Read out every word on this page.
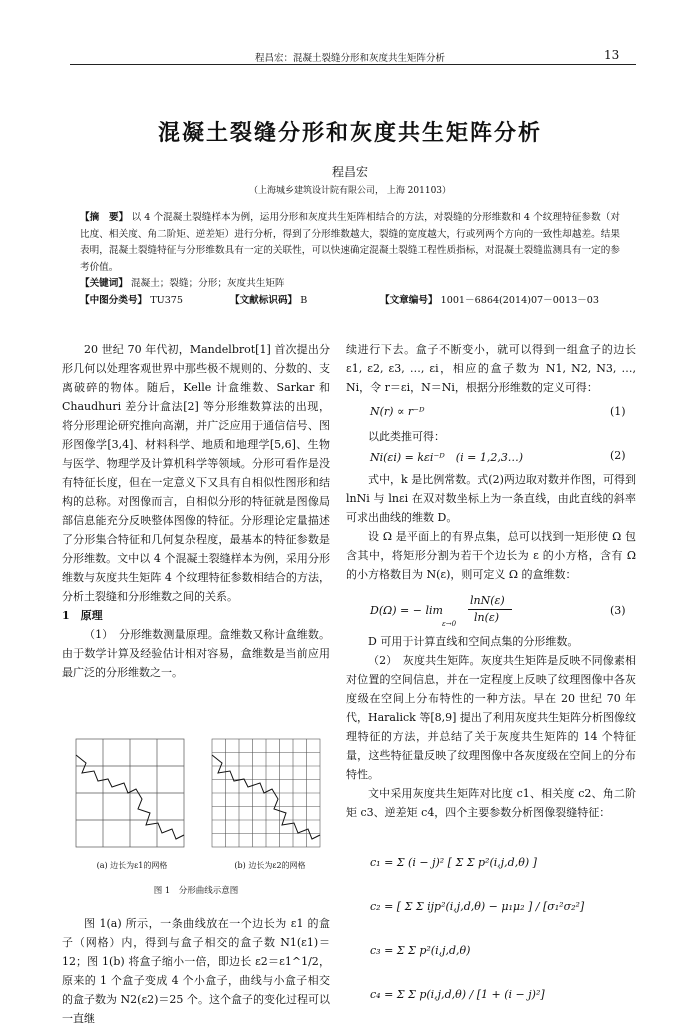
程昌宏：混凝土裂缝分形和灰度共生矩阵分析	13
混凝土裂缝分形和灰度共生矩阵分析
程昌宏
（上海城乡建筑设计院有限公司， 上海 201103）
【摘　要】 以 4 个混凝土裂缝样本为例，运用分形和灰度共生矩阵相结合的方法，对裂缝的分形维数和 4 个纹理特征参数（对比度、相关度、角二阶矩、逆差矩）进行分析，得到了分形维数越大，裂缝的宽度越大，行或列两个方向的一致性却越差。结果表明，混凝土裂缝特征与分形维数具有一定的关联性，可以快速确定混凝土裂缝工程性质指标，对混凝土裂缝监测具有一定的参考价值。
【关键词】 混凝土；裂缝；分形；灰度共生矩阵
【中图分类号】 TU375	【文献标识码】 B	【文章编号】 1001－6864(2014)07－0013－03

20 世纪 70 年代初，Mandelbrot[1] 首次提出分形几何以处理客观世界中那些极不规则的、分数的、支离破碎的物体。随后，Kelle 计盒维数、Sarkar 和 Chaudhuri 差分计盒法[2] 等分形维数算法的出现，将分形理论研究推向高潮，并广泛应用于通信信号、图形图像学[3,4]、材料科学、地质和地理学[5,6]、生物与医学、物理学及计算机科学等领域。分形可看作是没有特征长度，但在一定意义下又具有自相似性图形和结构的总称。对图像而言，自相似分形的特征就是图像局部信息能充分反映整体图像的特征。分形理论定量描述了分形集合特征和几何复杂程度，最基本的特征参数是分形维数。文中以 4 个混凝土裂缝样本为例，采用分形维数与灰度共生矩阵 4 个纹理特征参数相结合的方法，分析土裂缝和分形维数之间的关系。

1　原理

（1）　分形维数测量原理。盒维数又称计盒维数。由于数学计算及经验估计相对容易，盒维数是当前应用最广泛的分形维数之一。

(a) 边长为ε1的网格	(b) 边长为ε2的网格
图 1　分形曲线示意图

图 1(a) 所示，一条曲线放在一个边长为 ε1 的盒子（网格）内，得到与盒子相交的盒子数 N1(ε1)＝12；图 1(b) 将盒子缩小一倍，即边长 ε2＝ε1^1/2，原来的 1 个盒子变成 4 个小盒子，曲线与小盒子相交的盒子数为 N2(ε2)＝25 个。这个盒子的变化过程可以一直继

续进行下去。盒子不断变小，就可以得到一组盒子的边长 ε1, ε2, ε3, …, εi，相应的盒子数为 N1, N2, N3, …, Ni，令 r＝εi，N＝Ni，根据分形维数的定义可得：

N(r) ∝ r⁻ᴰ	(1)

以此类推可得：

Ni(εi) = kεi⁻ᴰ　(i = 1,2,3…)	(2)

式中，k 是比例常数。式(2)两边取对数并作图，可得到 lnNi 与 lnεi 在双对数坐标上为一条直线，由此直线的斜率可求出曲线的维数 D。

设 Ω 是平面上的有界点集，总可以找到一矩形使 Ω 包含其中，将矩形分割为若干个边长为 ε 的小方格，含有 Ω 的小方格数目为 N(ε)，则可定义 Ω 的盒维数：

D(Ω) = − lim
ε→0
lnN(ε)
ln(ε)
(3)

D 可用于计算直线和空间点集的分形维数。

（2）　灰度共生矩阵。灰度共生矩阵是反映不同像素相对位置的空间信息，并在一定程度上反映了纹理图像中各灰度级在空间上分布特性的一种方法。早在 20 世纪 70 年代，Haralick 等[8,9] 提出了利用灰度共生矩阵分析图像纹理特征的方法，并总结了关于灰度共生矩阵的 14 个特征量，这些特征量反映了纹理图像中各灰度级在空间上的分布特性。

文中采用灰度共生矩阵对比度 c1、相关度 c2、角二阶矩 c3、逆差矩 c4，四个主要参数分析图像裂缝特征：

c₁ = Σ (i − j)² [ Σ Σ p²(i,j,d,θ) ]
c₂ = [ Σ Σ ijp²(i,j,d,θ) − μ₁μ₂ ] / [σ₁²σ₂²]
c₃ = Σ Σ p²(i,j,d,θ)
c₄ = Σ Σ p(i,j,d,θ) / [1 + (i − j)²]
